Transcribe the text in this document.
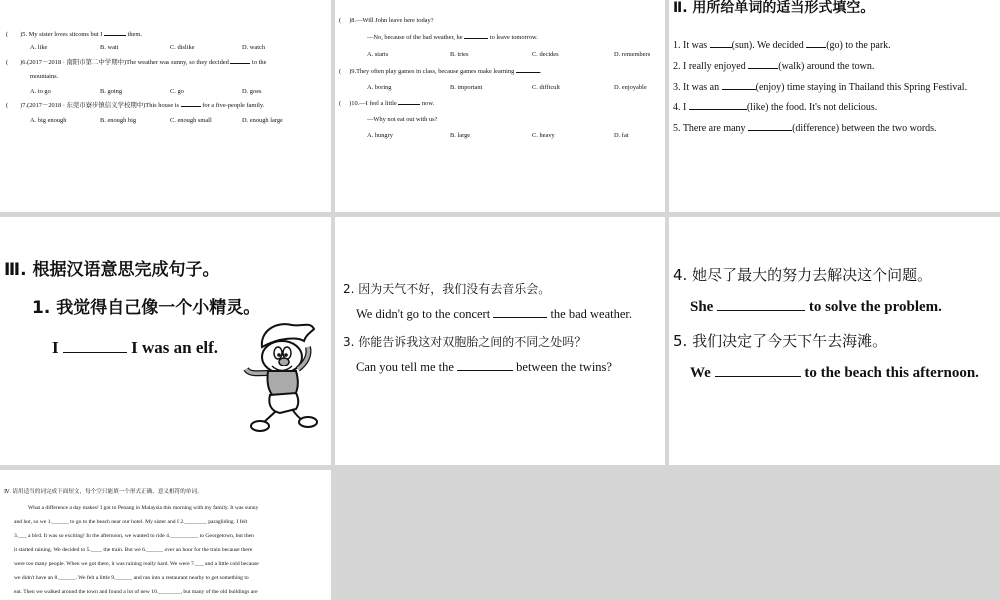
( )5. My sister loves sitcoms but I	them.
A. like	B. wait	C. dislike	D. watch
( )6.(2017－2018 · 南阳市第二中学期中)The weather was sunny, so they decided	to the
mountains.
A. to go	B. going	C. go	D. goes
( )7.(2017－2018 · 东莞市寮步镇信义学校期中)This house is	for a five-people family.
A. big enough	B. enough big	C. enough small	D. enough large
( )8.—Will John leave here today?
—No, because of the bad weather, he	to leave tomorrow.
A. starts	B. tries	C. decides	D. remembers
( )9.They often play games in class, because games make learning	.
A. boring	B. important	C. difficult	D. enjoyable
( )10.—I feel a little	now.
—Why not eat out with us?
A. hungry	B. large	C. heavy	D. fat
Ⅱ. 用所给单词的适当形式填空。
1. It was (sun). We decided (go) to the park.
2. I really enjoyed	(walk) around the town.
3. It was an	(enjoy) time staying in Thailand this Spring Festival.
4. I	(like) the food. It's not delicious.
5. There are many	(difference) between the two words.
Ⅲ. 根据汉语意思完成句子。
1. 我觉得自己像一个小精灵。
I	I was an elf.
2. 因为天气不好，我们没有去音乐会。
We didn't go to the concert	the bad weather.
3. 你能告诉我这对双胞胎之间的不同之处吗？
Can you tell me the	between the twins?
4. 她尽了最大的努力去解决这个问题。
She	to solve the problem.
5. 我们决定了今天下午去海滩。
We	to the beach this afternoon.
Ⅳ. 请用适当的词完成下面短文，每个空只能填一个形式正确、意义相符的单词。
What a difference a day makes! I got to Penang in Malaysia this morning with my family. It was sunny
and hot, so we 1.______ to go to the beach near our hotel. My sister and I 2.________ paragliding. I felt
3.___ a bird. It was so exciting! In the afternoon, we wanted to ride 4.__________ to Georgetown, but then
it started raining. We decided to 5.____ the train. But we 6.______ over an hour for the train because there
were too many people. When we got there, it was raining really hard. We were 7.___ and a little cold because
we didn't have an 8.______. We felt a little 9.______ and ran into a restaurant nearby to get something to
eat. Then we walked around the town and found a lot of new 10.________, but many of the old buildings are
